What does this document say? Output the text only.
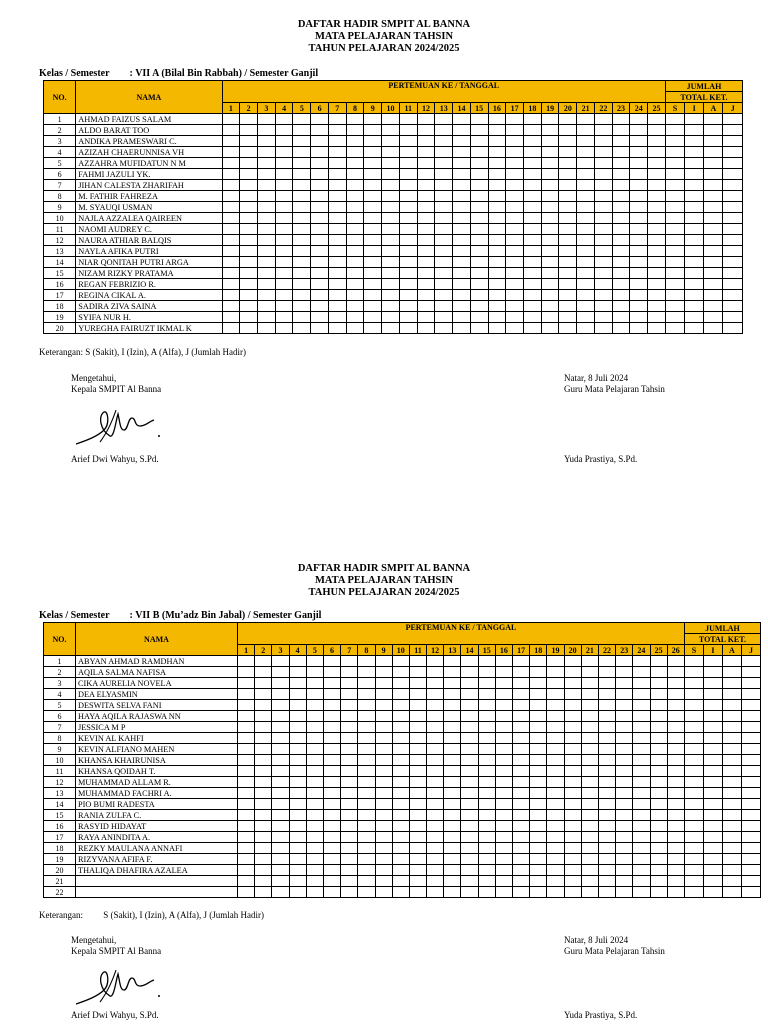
DAFTAR HADIR SMPIT AL BANNA
MATA PELAJARAN TAHSIN
TAHUN PELAJARAN 2024/2025
Kelas / Semester : VII A (Bilal Bin Rabbah) / Semester Ganjil
NO.	NAMA	PERTEMUAN KE / TANGGAL																									JUMLAH			
																											TOTAL KET.			
		1	2	3	4	5	6	7	8	9	10	11	12	13	14	15	16	17	18	19	20	21	22	23	24	25	S	I	A	J
1	AHMAD FAIZUS SALAM																													
2	ALDO BARAT TOO																													
3	ANDIKA PRAMESWARI C.																													
4	AZIZAH CHAERUNNISA VH																													
5	AZZAHRA MUFIDATUN N M																													
6	FAHMI JAZULI YK.																													
7	JIHAN CALESTA ZHARIFAH																													
8	M. FATHIR FAHREZA																													
9	M. SYAUQI USMAN																													
10	NAJLA AZZALEA QAIREEN																													
11	NAOMI AUDREY C.																													
12	NAURA ATHIAR BALQIS																													
13	NAYLA AFIKA PUTRI																													
14	NIAR QONITAH PUTRI ARGA																													
15	NIZAM RIZKY PRATAMA																													
16	REGAN FEBRIZIO R.																													
17	REGINA CIKAL A.																													
18	SADIRA ZIVA SAINA																													
19	SYIFA NUR H.																													
20	YUREGHA FAIRUZT IKMAL K																													
Keterangan: S (Sakit), I (Izin), A (Alfa), J (Jumlah Hadir)
Mengetahui,
Kepala SMPIT Al Banna
Arief Dwi Wahyu, S.Pd.
Natar, 8 Juli 2024
Guru Mata Pelajaran Tahsin
Yuda Prastiya, S.Pd.
DAFTAR HADIR SMPIT AL BANNA
MATA PELAJARAN TAHSIN
TAHUN PELAJARAN 2024/2025
Kelas / Semester : VII B (Mu’adz Bin Jabal) / Semester Ganjil
NO.	NAMA	PERTEMUAN KE / TANGGAL																										JUMLAH			
																												TOTAL KET.			
		1	2	3	4	5	6	7	8	9	10	11	12	13	14	15	16	17	18	19	20	21	22	23	24	25	26	S	I	A	J
1	ABYAN AHMAD RAMDHAN																														
2	AQILA SALMA NAFISA																														
3	CIKA AURELIA NOVELA																														
4	DEA ELYASMIN																														
5	DESWITA SELVA FANI																														
6	HAYA AQILA RAJASWA NN																														
7	JESSICA M P																														
8	KEVIN AL KAHFI																														
9	KEVIN ALFIANO MAHEN																														
10	KHANSA KHAIRUNISA																														
11	KHANSA QOIDAH T.																														
12	MUHAMMAD ALLAM R.																														
13	MUHAMMAD FACHRI A.																														
14	PIO BUMI RADESTA																														
15	RANIA ZULFA C.																														
16	RASYID HIDAYAT																														
17	RAYA ANINDITA A.																														
18	REZKY MAULANA ANNAFI																														
19	RIZYVANA AFIFA F.																														
20	THALIQA DHAFIRA AZALEA																														
21																															
22																															
Keterangan: S (Sakit), I (Izin), A (Alfa), J (Jumlah Hadir)
Mengetahui,
Kepala SMPIT Al Banna
Arief Dwi Wahyu, S.Pd.
Natar, 8 Juli 2024
Guru Mata Pelajaran Tahsin
Yuda Prastiya, S.Pd.
